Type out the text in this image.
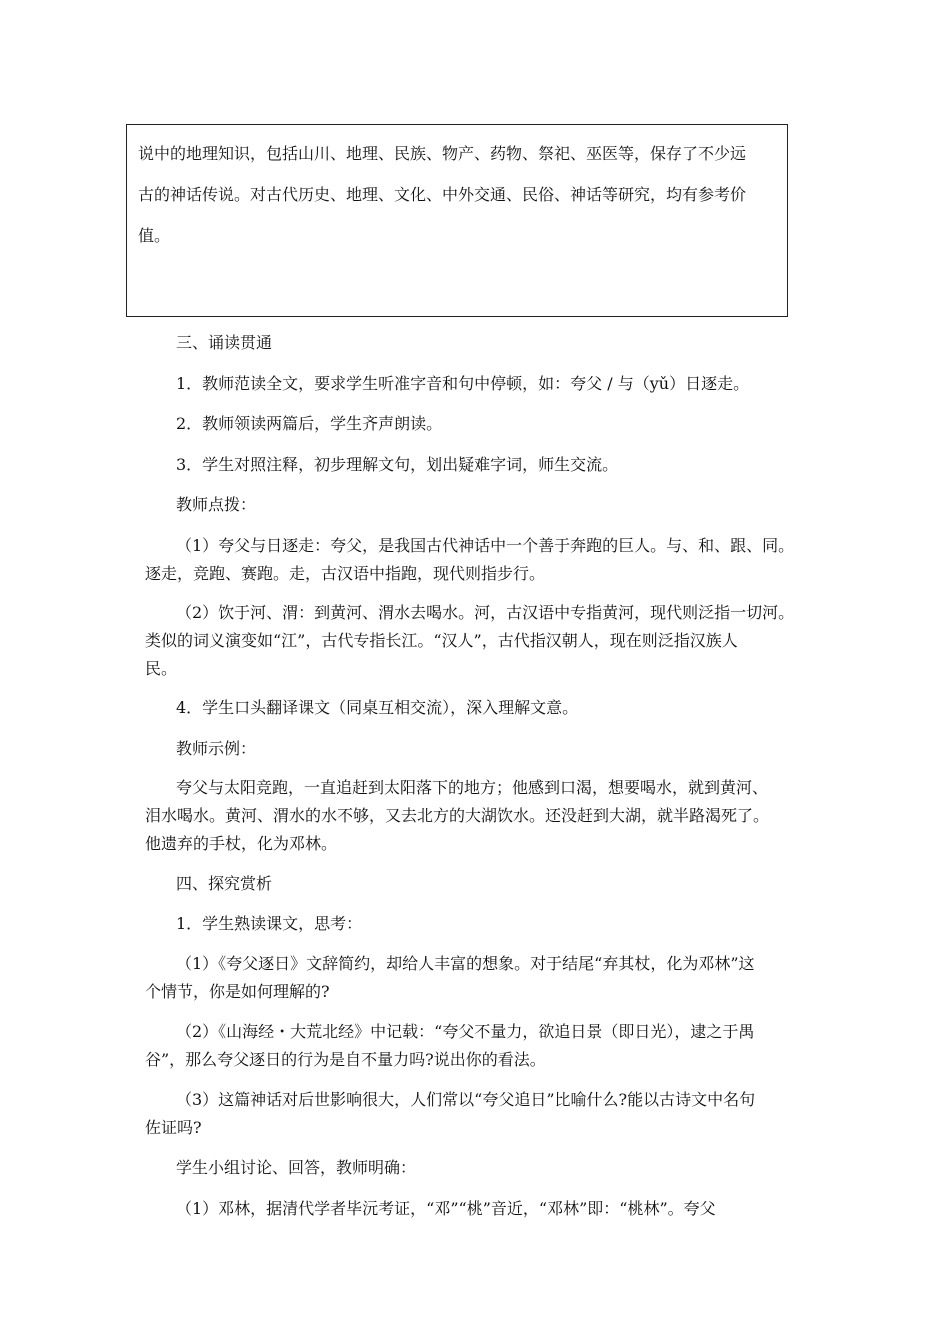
说中的地理知识，包括山川、地理、民族、物产、药物、祭祀、巫医等，保存了不少远
古的神话传说。对古代历史、地理、文化、中外交通、民俗、神话等研究，均有参考价
值。
三、诵读贯通
1．教师范读全文，要求学生听准字音和句中停顿，如：夸父 / 与（yǔ）日逐走。
2．教师领读两篇后，学生齐声朗读。
3．学生对照注释，初步理解文句，划出疑难字词，师生交流。
教师点拨：
（1）夸父与日逐走：夸父，是我国古代神话中一个善于奔跑的巨人。与、和、跟、同。
逐走，竞跑、赛跑。走，古汉语中指跑，现代则指步行。
（2）饮于河、渭：到黄河、渭水去喝水。河，古汉语中专指黄河，现代则泛指一切河。
类似的词义演变如“江”，古代专指长江。“汉人”，古代指汉朝人，现在则泛指汉族人
民。
4．学生口头翻译课文（同桌互相交流），深入理解文意。
教师示例：
夸父与太阳竞跑，一直追赶到太阳落下的地方；他感到口渴，想要喝水，就到黄河、
泪水喝水。黄河、渭水的水不够，又去北方的大湖饮水。还没赶到大湖，就半路渴死了。
他遗弃的手杖，化为邓林。
四、探究赏析
1．学生熟读课文，思考：
（1）《夸父逐日》文辞简约，却给人丰富的想象。对于结尾“弃其杖，化为邓林”这
个情节，你是如何理解的?
（2）《山海经・大荒北经》中记载：“夸父不量力，欲追日景（即日光），逮之于禺
谷”，那么夸父逐日的行为是自不量力吗?说出你的看法。
（3）这篇神话对后世影响很大，人们常以“夸父追日”比喻什么?能以古诗文中名句
佐证吗?
学生小组讨论、回答，教师明确：
（1）邓林，据清代学者毕沅考证，“邓”“桃”音近，“邓林”即：“桃林”。夸父
